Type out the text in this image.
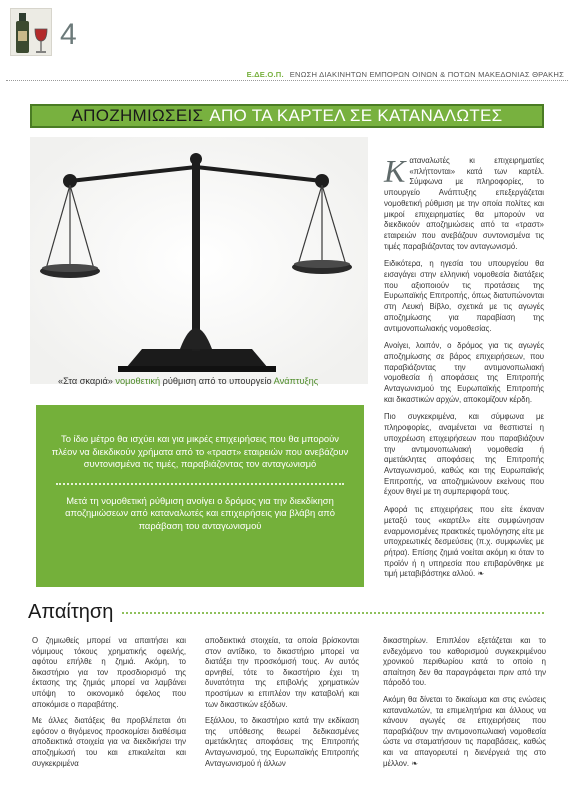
4
Ε.ΔΕ.Ο.Π. ΕΝΩΣΗ ΔΙΑΚΙΝΗΤΩΝ ΕΜΠΟΡΩΝ ΟΙΝΩΝ & ΠΟΤΩΝ ΜΑΚΕΔΟΝΙΑΣ ΘΡΑΚΗΣ
ΑΠΟΖΗΜΙΩΣΕΙΣ ΑΠΟ ΤΑ ΚΑΡΤΕΛ ΣΕ ΚΑΤΑΝΑΛΩΤΕΣ
«Στα σκαριά» νομοθετική ρύθμιση από το υπουργείο Ανάπτυξης

Το ίδιο μέτρο θα ισχύει και για μικρές επιχειρήσεις που θα μπορούν πλέον να διεκδικούν χρήματα από το «τραστ» εταιρειών που ανεβάζουν συντονισμένα τις τιμές, παραβιάζοντας τον ανταγωνισμό

Μετά τη νομοθετική ρύθμιση ανοίγει ο δρόμος για την διεκδίκηση αποζημιώσεων από καταναλωτές και επιχειρήσεις για βλάβη από παράβαση του ανταγωνισμού

Καταναλωτές κι επιχειρηματίες «πλήττονται» κατά των καρτέλ. Σύμφωνα με πληροφορίες, το υπουργείο Ανάπτυξης επεξεργάζεται νομοθετική ρύθμιση με την οποία πολίτες και μικροί επιχειρηματίες θα μπορούν να διεκδικούν αποζημιώσεις από τα «τραστ» εταιρειών που ανεβάζουν συντονισμένα τις τιμές παραβιάζοντας τον ανταγωνισμό.

Ειδικότερα, η ηγεσία του υπουργείου θα εισαγάγει στην ελληνική νομοθεσία διατάξεις που αξιοποιούν τις προτάσεις της Ευρωπαϊκής Επιτροπής, όπως διατυπώνονται στη Λευκή Βίβλο, σχετικά με τις αγωγές αποζημίωσης για παραβίαση της αντιμονοπωλιακής νομοθεσίας.

Ανοίγει, λοιπόν, ο δρόμος για τις αγωγές αποζημίωσης σε βάρος επιχειρήσεων, που παραβιάζοντας την αντιμονοπωλιακή νομοθεσία ή αποφάσεις της Επιτροπής Ανταγωνισμού της Ευρωπαϊκής Επιτροπής και δικαστικών αρχών, αποκομίζουν κέρδη.

Πιο συγκεκριμένα, και σύμφωνα με πληροφορίες, αναμένεται να θεσπιστεί η υποχρέωση επιχειρήσεων που παραβιάζουν την αντιμονοπωλιακή νομοθεσία ή αμετάκλητες αποφάσεις της Επιτροπής Ανταγωνισμού, καθώς και της Ευρωπαϊκής Επιτροπής, να αποζημιώνουν εκείνους που έχουν θιγεί με τη συμπεριφορά τους.

Αφορά τις επιχειρήσεις που είτε έκαναν μεταξύ τους «καρτέλ» είτε συμφώνησαν εναρμονισμένες πρακτικές τιμολόγησης είτε με υποχρεωτικές δεσμεύσεις (π.χ. συμφωνίες με ρήτρα). Επίσης ζημιά νοείται ακόμη κι όταν το προϊόν ή η υπηρεσία που επιβαρύνθηκε με τιμή μεταβιβάστηκε αλλού. ❧

Απαίτηση

Ο ζημιωθείς μπορεί να απαιτήσει και νόμιμους τόκους χρηματικής οφειλής, αφότου επήλθε η ζημιά. Ακόμη, το δικαστήριο για τον προσδιορισμό της έκτασης της ζημιάς μπορεί να λαμβάνει υπόψη το οικονομικό όφελος που αποκόμισε ο παραβάτης.

Με άλλες διατάξεις θα προβλέπεται ότι εφόσον ο θιγόμενος προσκομίσει διαθέσιμα αποδεικτικά στοιχεία για να διεκδικήσει την αποζημίωσή του και επικαλείται και συγκεκριμένα

αποδεικτικά στοιχεία, τα οποία βρίσκονται στον αντίδικο, το δικαστήριο μπορεί να διατάξει την προσκόμισή τους. Αν αυτός αρνηθεί, τότε το δικαστήριο έχει τη δυνατότητα της επιβολής χρηματικών προστίμων κι επιπλέον την καταβολή και των δικαστικών εξόδων.

Εξάλλου, το δικαστήριο κατά την εκδίκαση της υπόθεσης θεωρεί δεδικασμένες αμετάκλητες αποφάσεις της Επιτροπής Ανταγωνισμού, της Ευρωπαϊκής Επιτροπής Ανταγωνισμού ή άλλων

δικαστηρίων. Επιπλέον εξετάζεται και το ενδεχόμενο του καθορισμού συγκεκριμένου χρονικού περιθωρίου κατά το οποίο η απαίτηση δεν θα παραγράφεται πριν από την πάροδό του.

Ακόμη θα δίνεται το δικαίωμα και στις ενώσεις καταναλωτών, τα επιμελητήρια και άλλους να κάνουν αγωγές σε επιχειρήσεις που παραβιάζουν την αντιμονοπωλιακή νομοθεσία ώστε να σταματήσουν τις παραβάσεις, καθώς και να απαγορευτεί η διενέργειά της στο μέλλον. ❧
